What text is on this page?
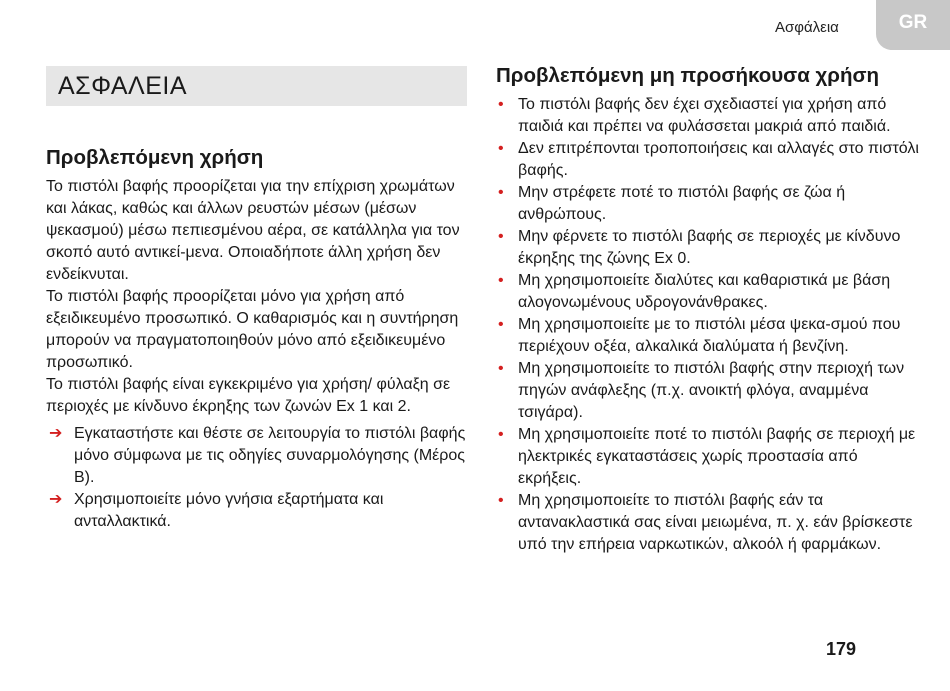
Ασφάλεια	GR
ΑΣΦΑΛΕΙΑ
Προβλεπόμενη χρήση

Το πιστόλι βαφής προορίζεται για την επίχριση χρωμάτων και λάκας, καθώς και άλλων ρευστών μέσων (μέσων ψεκασμού) μέσω πεπιεσμένου αέρα, σε κατάλληλα για τον σκοπό αυτό αντικεί-μενα. Οποιαδήποτε άλλη χρήση δεν ενδείκνυται.

Το πιστόλι βαφής προορίζεται μόνο για χρήση από εξειδικευμένο προσωπικό. Ο καθαρισμός και η συντήρηση μπορούν να πραγματοποιηθούν μόνο από εξειδικευμένο προσωπικό.

Το πιστόλι βαφής είναι εγκεκριμένο για χρήση/ φύλαξη σε περιοχές με κίνδυνο έκρηξης των ζωνών Ex 1 και 2.

➔ Εγκαταστήστε και θέστε σε λειτουργία το πιστόλι βαφής μόνο σύμφωνα με τις οδηγίες συναρμολόγησης (Μέρος B).
➔ Χρησιμοποιείτε μόνο γνήσια εξαρτήματα και ανταλλακτικά.
Προβλεπόμενη μη προσήκουσα χρήση
• Το πιστόλι βαφής δεν έχει σχεδιαστεί για χρήση από παιδιά και πρέπει να φυλάσσεται μακριά από παιδιά.
• Δεν επιτρέπονται τροποποιήσεις και αλλαγές στο πιστόλι βαφής.
• Μην στρέφετε ποτέ το πιστόλι βαφής σε ζώα ή ανθρώπους.
• Μην φέρνετε το πιστόλι βαφής σε περιοχές με κίνδυνο έκρηξης της ζώνης Ex 0.
• Μη χρησιμοποιείτε διαλύτες και καθαριστικά με βάση αλογονωμένους υδρογονάνθρακες.
• Μη χρησιμοποιείτε με το πιστόλι μέσα ψεκα-σμού που περιέχουν οξέα, αλκαλικά διαλύματα ή βενζίνη.
• Μη χρησιμοποιείτε το πιστόλι βαφής στην περιοχή των πηγών ανάφλεξης (π.χ. ανοικτή φλόγα, αναμμένα τσιγάρα).
• Μη χρησιμοποιείτε ποτέ το πιστόλι βαφής σε περιοχή με ηλεκτρικές εγκαταστάσεις χωρίς προστασία από εκρήξεις.
• Μη χρησιμοποιείτε το πιστόλι βαφής εάν τα αντανακλαστικά σας είναι μειωμένα, π. χ. εάν βρίσκεστε υπό την επήρεια ναρκωτικών, αλκοόλ ή φαρμάκων.
179
